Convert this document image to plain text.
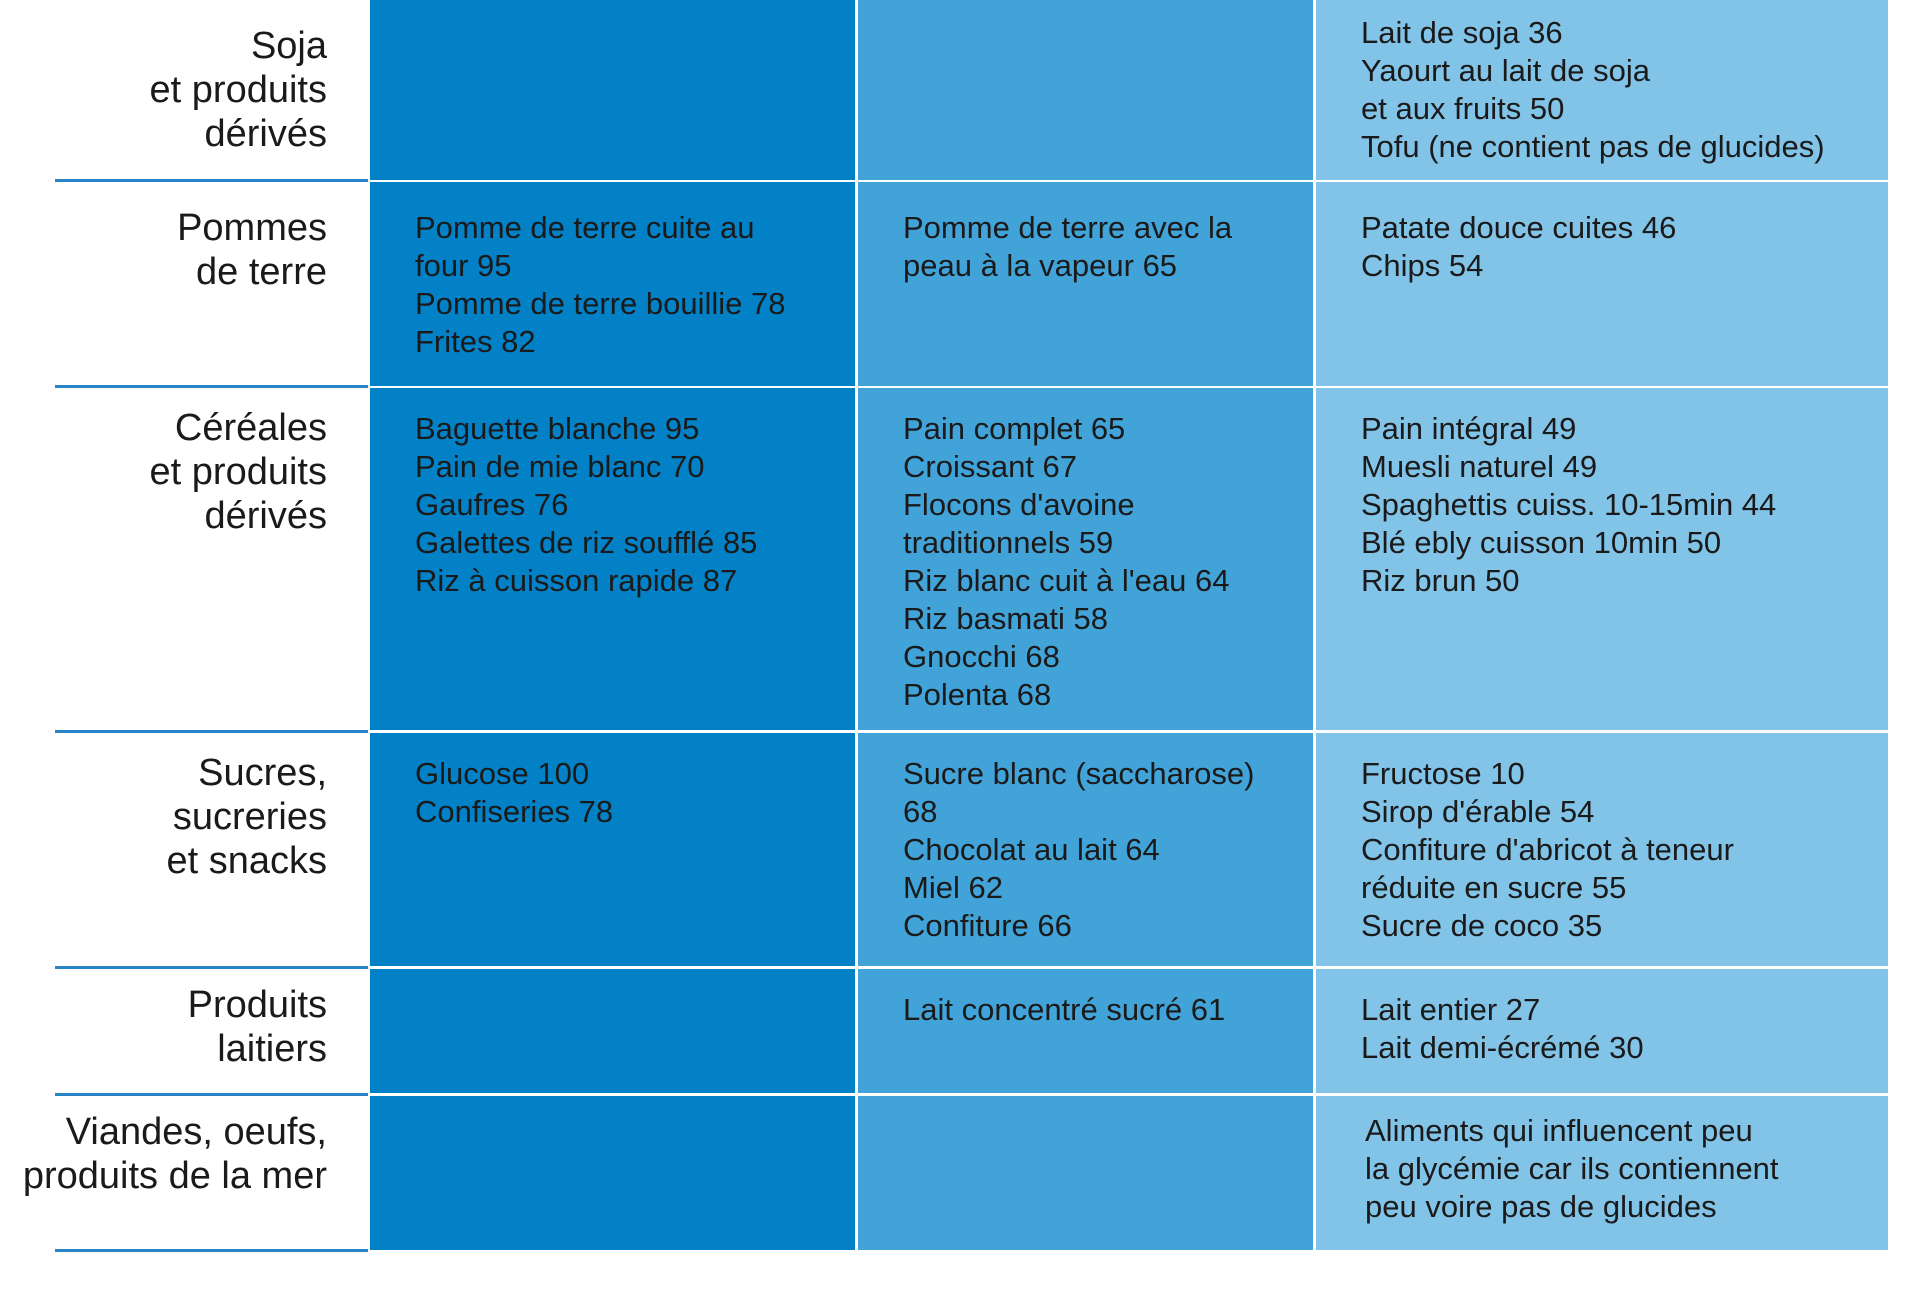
Soja
et produits
dérivés

Lait de soja 36
Yaourt au lait de soja
et aux fruits 50
Tofu (ne contient pas de glucides)

Pommes
de terre

Pomme de terre cuite au
four 95
Pomme de terre bouillie 78
Frites 82

Pomme de terre avec la
peau à la vapeur 65

Patate douce cuites 46
Chips 54

Céréales
et produits
dérivés

Baguette blanche 95
Pain de mie blanc 70
Gaufres 76
Galettes de riz soufflé 85
Riz à cuisson rapide 87

Pain complet 65
Croissant 67
Flocons d'avoine
traditionnels 59
Riz blanc cuit à l'eau 64
Riz basmati 58
Gnocchi 68
Polenta 68

Pain intégral 49
Muesli naturel 49
Spaghettis cuiss. 10-15min 44
Blé ebly cuisson 10min 50
Riz brun 50

Sucres,
sucreries
et snacks

Glucose 100
Confiseries 78

Sucre blanc (saccharose)
68
Chocolat au lait 64
Miel 62
Confiture 66

Fructose 10
Sirop d'érable 54
Confiture d'abricot à teneur
réduite en sucre 55
Sucre de coco 35

Produits
laitiers

Lait concentré sucré 61	Lait entier 27
Lait demi-écrémé 30

Viandes, oeufs,
produits de la mer

Aliments qui influencent peu
la glycémie car ils contiennent
peu voire pas de glucides
